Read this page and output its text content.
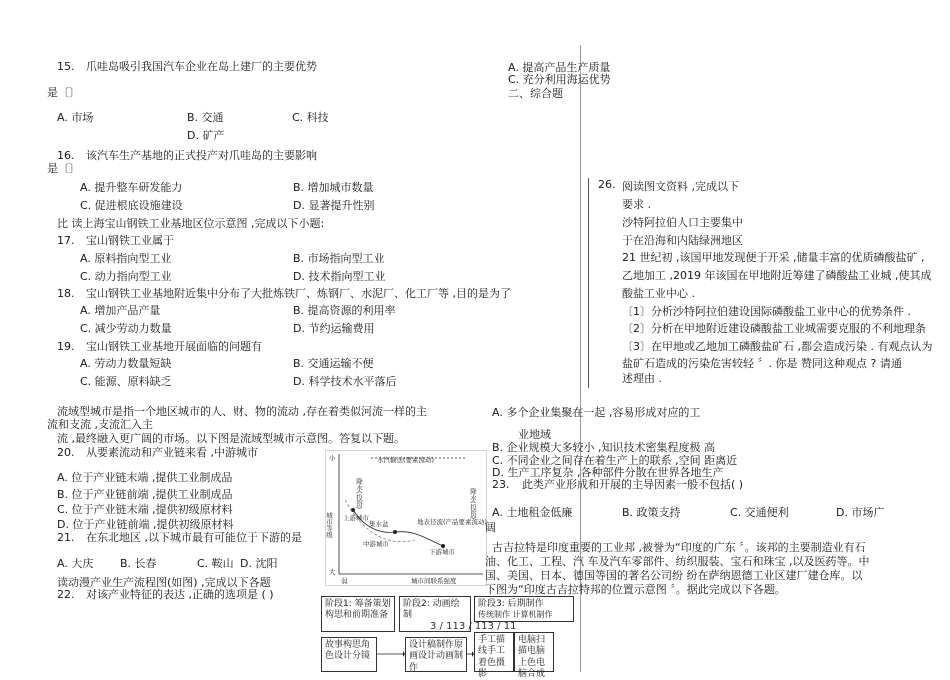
15. 爪哇岛吸引我国汽车企业在岛上建厂的主要优势
是〔〕
A. 市场	B. 交通	C. 科技
D. 矿产
16. 该汽车生产基地的正式投产对爪哇岛的主要影响
是〔〕
A. 提升整车研发能力	B. 增加城市数量
C. 促进根底设施建设	D. 显著提升性别
比 读上海宝山钢铁工业基地区位示意图 ,完成以下小题:
17. 宝山钢铁工业属于
A. 原料指向型工业	B. 市场指向型工业
C. 动力指向型工业	D. 技术指向型工业
18. 宝山钢铁工业基地附近集中分布了大批炼铁厂、炼钢厂、水泥厂、化工厂等 ,目的是为了
A. 增加产品产量	B. 提高资源的利用率
C. 减少劳动力数量	D. 节约运输费用
19. 宝山钢铁工业基地开展面临的问题有
A. 劳动力数量短缺	B. 交通运输不便
C. 能源、原料缺乏	D. 科学技术水平落后
流域型城市是指一个地区城市的人、财、物的流动 ,存在着类似河流一样的主
流和支流 ,支流汇入主
流 ,最终融入更广阔的市场。以下图是流域型城市示意图。答复以下题。
20. 从要素流动和产业链来看 ,中游城市
A. 位于产业链末端 ,提供工业制成品
B. 位于产业链前端 ,提供工业制成品
C. 位于产业链末端 ,提供初级原材料
D. 位于产业链前端 ,提供初级原材料
21. 在东北地区 ,以下城市最有可能位于下游的是
A. 大庆 B. 长春	C. 鞍山 D. 沈阳
读动漫产业生产流程图(如图) ,完成以下各题
22. 对该产业特征的表达 ,正确的选项是 ( )
小
城市等级
大
弱	城市间联系强度
水汽输送(要素流动)
降水(投资)	降水(投资)
上游城市
集水盆
中游城市
地表径流(产品要素流动)
下游城市
阶段1: 筹备策划构思和前期准备
阶段2: 动画绘制
阶段3: 后期制作
传统制作 计算机制作
故事构思角色设计分镜
设计稿制作原画设计动画制作
手工描线手工着色摄影
电脑扫描电脑上色电脑合成
3 / 113 / 113 / 11
A. 提高产品生产质量
C. 充分利用海运优势
二、综合题
26. 阅读图文资料 ,完成以下
要求 .
沙特阿拉伯人口主要集中
于在沿海和内陆绿洲地区
21 世纪初 ,该国甲地发现便于开采 ,储量丰富的优质磷酸盐矿 ,
乙地加工 ,2019 年该国在甲地附近筹建了磷酸盐工业城 ,使其成
酸盐工业中心 .
〔1〕分析沙特阿拉伯建设国际磷酸盐工业中心的优势条件 .
〔2〕分析在甲地附近建设磷酸盐工业城需要克服的不利地理条
〔3〕在甲地或乙地加工磷酸盐矿石 ,都会造成污染 . 有观点认为
盐矿石造成的污染危害较轻 〞. 你是 赞同这种观点 ? 请通
述理由 .
A. 多个企业集聚在一起 ,容易形成对应的工
业地域
B. 企业规模大多较小 ,知识技术密集程度极 高
C. 不同企业之间存在着生产上的联系 ,空间 距离近
D. 生产工序复杂 ,各种部件分散在世界各地生产
23. 此类产业形成和开展的主导因素一般不包括( )
A. 土地租金低廉	B. 政策支持	C. 交通便利	D. 市场广
阔
古吉拉特是印度重要的工业邦 ,被誉为“印度的广东 〞。该邦的主要制造业有石
油、化工、工程、汽 车及汽车零部件、纺织服装、宝石和珠宝 ,以及医药等。中
国、美国、日本、德国等国的著名公司纷 纷在萨纳恩德工业区建厂建仓库。以
下图为“印度古吉拉特邦的位置示意图 〞。据此完成以下各题。
